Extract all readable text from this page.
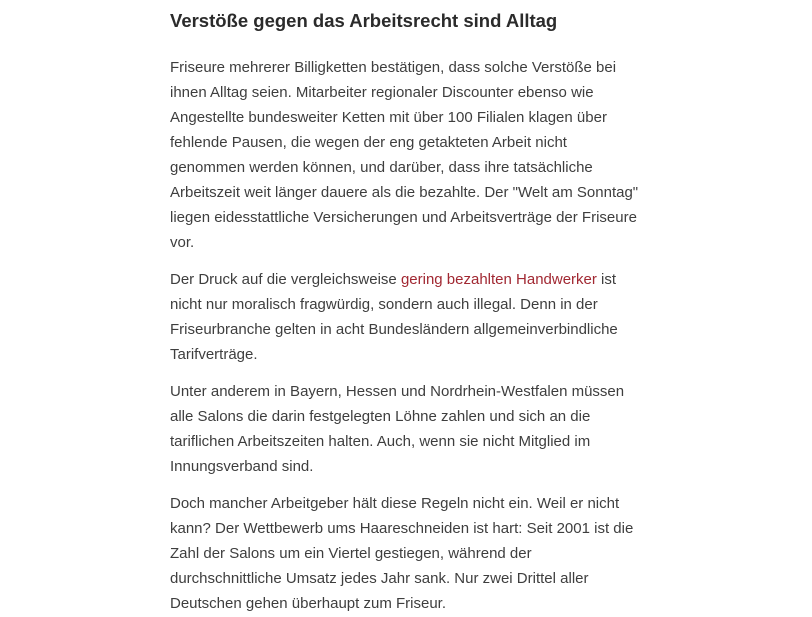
Verstöße gegen das Arbeitsrecht sind Alltag

Friseure mehrerer Billigketten bestätigen, dass solche Verstöße bei ihnen Alltag seien. Mitarbeiter regionaler Discounter ebenso wie Angestellte bundesweiter Ketten mit über 100 Filialen klagen über fehlende Pausen, die wegen der eng getakteten Arbeit nicht genommen werden können, und darüber, dass ihre tatsächliche Arbeitszeit weit länger dauere als die bezahlte. Der "Welt am Sonntag" liegen eidesstattliche Versicherungen und Arbeitsverträge der Friseure vor.

Der Druck auf die vergleichsweise gering bezahlten Handwerker ist nicht nur moralisch fragwürdig, sondern auch illegal. Denn in der Friseurbranche gelten in acht Bundesländern allgemeinverbindliche Tarifverträge.

Unter anderem in Bayern, Hessen und Nordrhein-Westfalen müssen alle Salons die darin festgelegten Löhne zahlen und sich an die tariflichen Arbeitszeiten halten. Auch, wenn sie nicht Mitglied im Innungsverband sind.

Doch mancher Arbeitgeber hält diese Regeln nicht ein. Weil er nicht kann? Der Wettbewerb ums Haareschneiden ist hart: Seit 2001 ist die Zahl der Salons um ein Viertel gestiegen, während der durchschnittliche Umsatz jedes Jahr sank. Nur zwei Drittel aller Deutschen gehen überhaupt zum Friseur.
